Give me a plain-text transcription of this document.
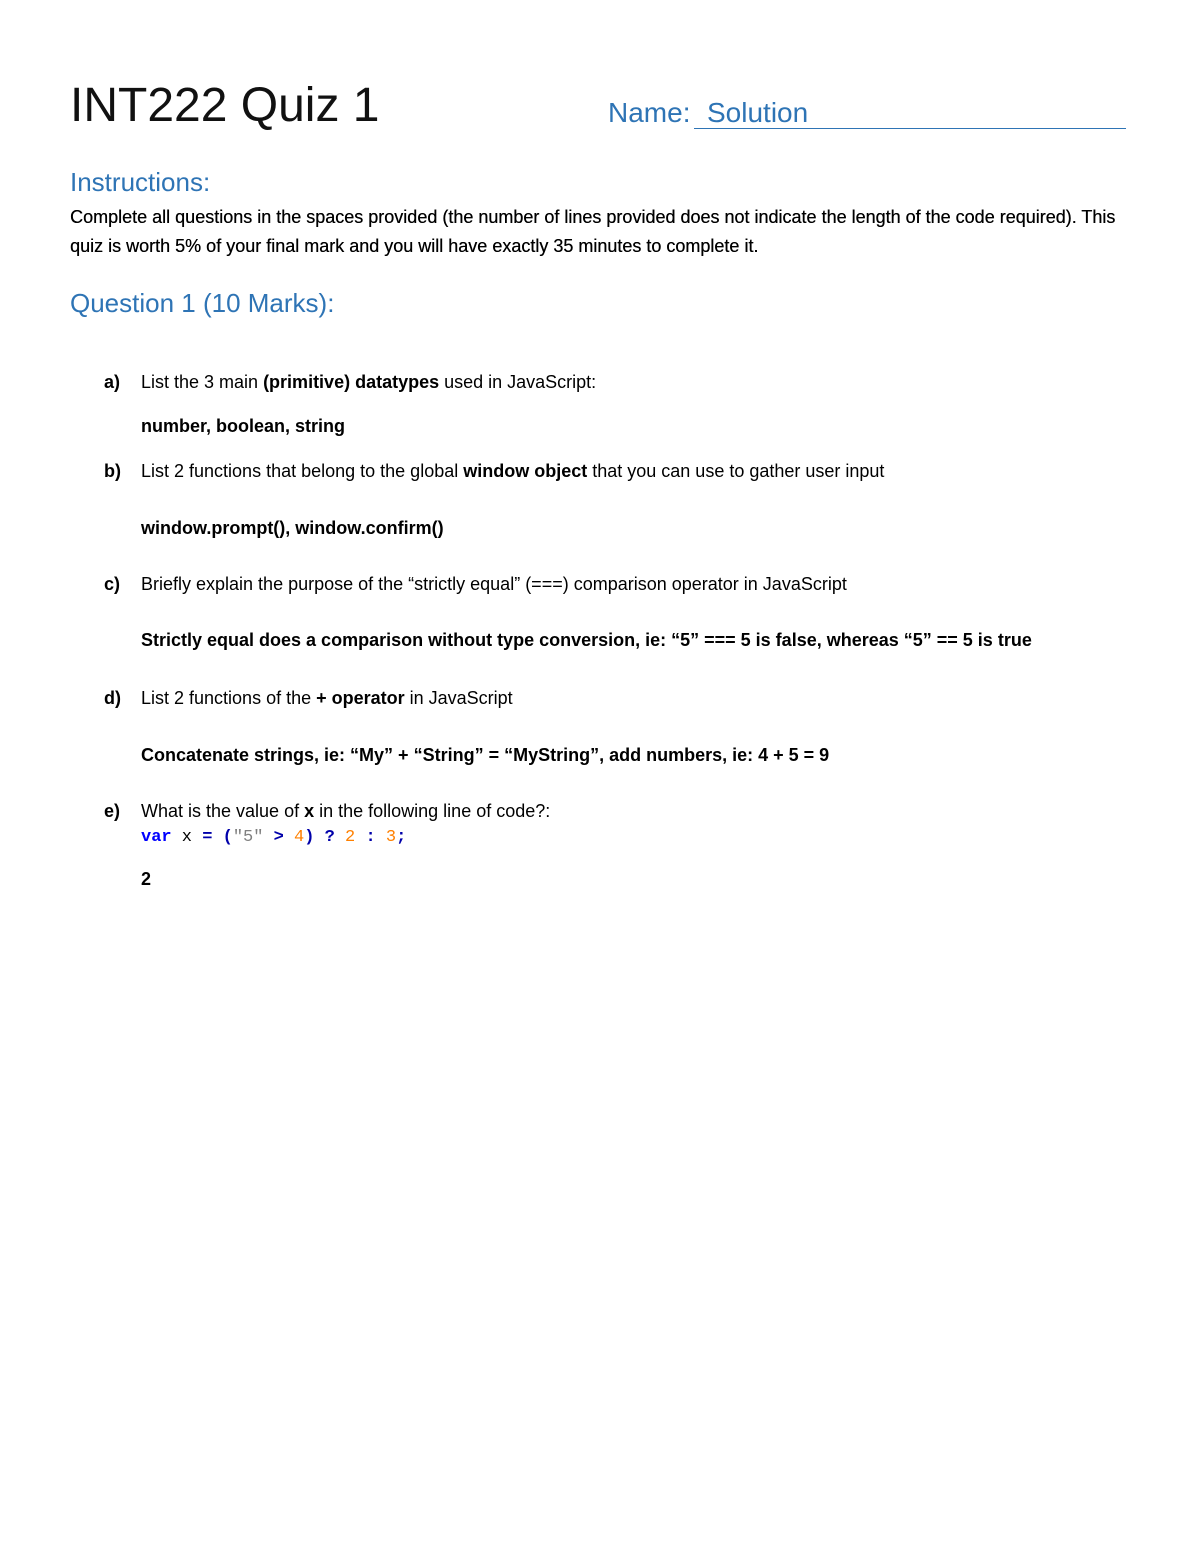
INT222 Quiz 1	Name: Solution
Instructions:
Complete all questions in the spaces provided (the number of lines provided does not indicate the length of the code required). This quiz is worth 5% of your final mark and you will have exactly 35 minutes to complete it.
Question 1 (10 Marks):
a) List the 3 main (primitive) datatypes used in JavaScript:
number, boolean, string
b) List 2 functions that belong to the global window object that you can use to gather user input
window.prompt(), window.confirm()
c) Briefly explain the purpose of the “strictly equal” (===) comparison operator in JavaScript
Strictly equal does a comparison without type conversion, ie: “5” === 5 is false, whereas “5” == 5 is true
d) List 2 functions of the + operator in JavaScript
Concatenate strings, ie: “My” + “String” = “MyString”, add numbers, ie: 4 + 5 = 9
e) What is the value of x in the following line of code?:
var x = ("5" > 4) ? 2 : 3;
2
